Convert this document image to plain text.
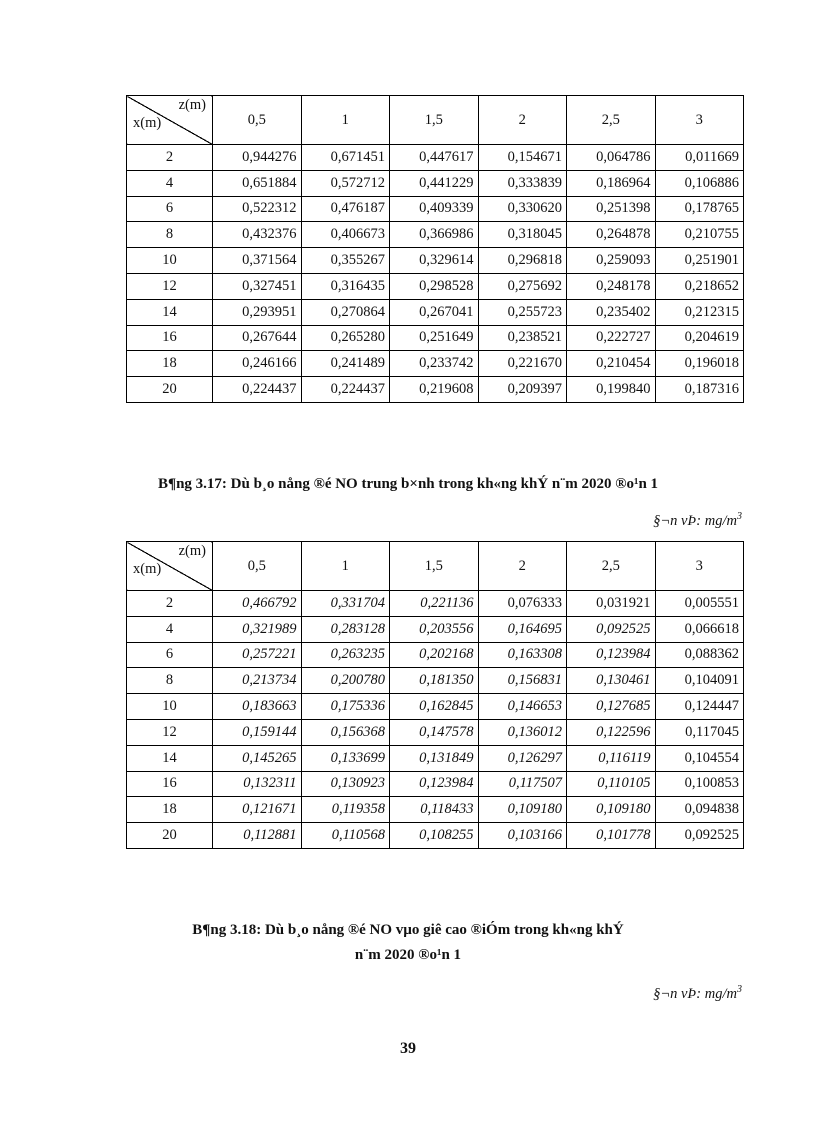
z(m)
x(m)	0,5	1	1,5	2	2,5	3
2	0,944276	0,671451	0,447617	0,154671	0,064786	0,011669
4	0,651884	0,572712	0,441229	0,333839	0,186964	0,106886
6	0,522312	0,476187	0,409339	0,330620	0,251398	0,178765
8	0,432376	0,406673	0,366986	0,318045	0,264878	0,210755
10	0,371564	0,355267	0,329614	0,296818	0,259093	0,251901
12	0,327451	0,316435	0,298528	0,275692	0,248178	0,218652
14	0,293951	0,270864	0,267041	0,255723	0,235402	0,212315
16	0,267644	0,265280	0,251649	0,238521	0,222727	0,204619
18	0,246166	0,241489	0,233742	0,221670	0,210454	0,196018
20	0,224437	0,224437	0,219608	0,209397	0,199840	0,187316
B¶ng 3.17: Dù b¸o nång ®é NO trung b×nh trong kh«ng khÝ n¨m 2020 ®o¹n 1
§¬n vÞ: $mg/m^3$
z(m)
x(m)	0,5	1	1,5	2	2,5	3
2	0,466792	0,331704	0,221136	0,076333	0,031921	0,005551
4	0,321989	0,283128	0,203556	0,164695	0,092525	0,066618
6	0,257221	0,263235	0,202168	0,163308	0,123984	0,088362
8	0,213734	0,200780	0,181350	0,156831	0,130461	0,104091
10	0,183663	0,175336	0,162845	0,146653	0,127685	0,124447
12	0,159144	0,156368	0,147578	0,136012	0,122596	0,117045
14	0,145265	0,133699	0,131849	0,126297	0,116119	0,104554
16	0,132311	0,130923	0,123984	0,117507	0,110105	0,100853
18	0,121671	0,119358	0,118433	0,109180	0,109180	0,094838
20	0,112881	0,110568	0,108255	0,103166	0,101778	0,092525
B¶ng 3.18: Dù b¸o nång ®é NO vµo giê cao ®iÓm trong kh«ng khÝ
n¨m 2020 ®o¹n 1
§¬n vÞ: $mg/m^3$
39
